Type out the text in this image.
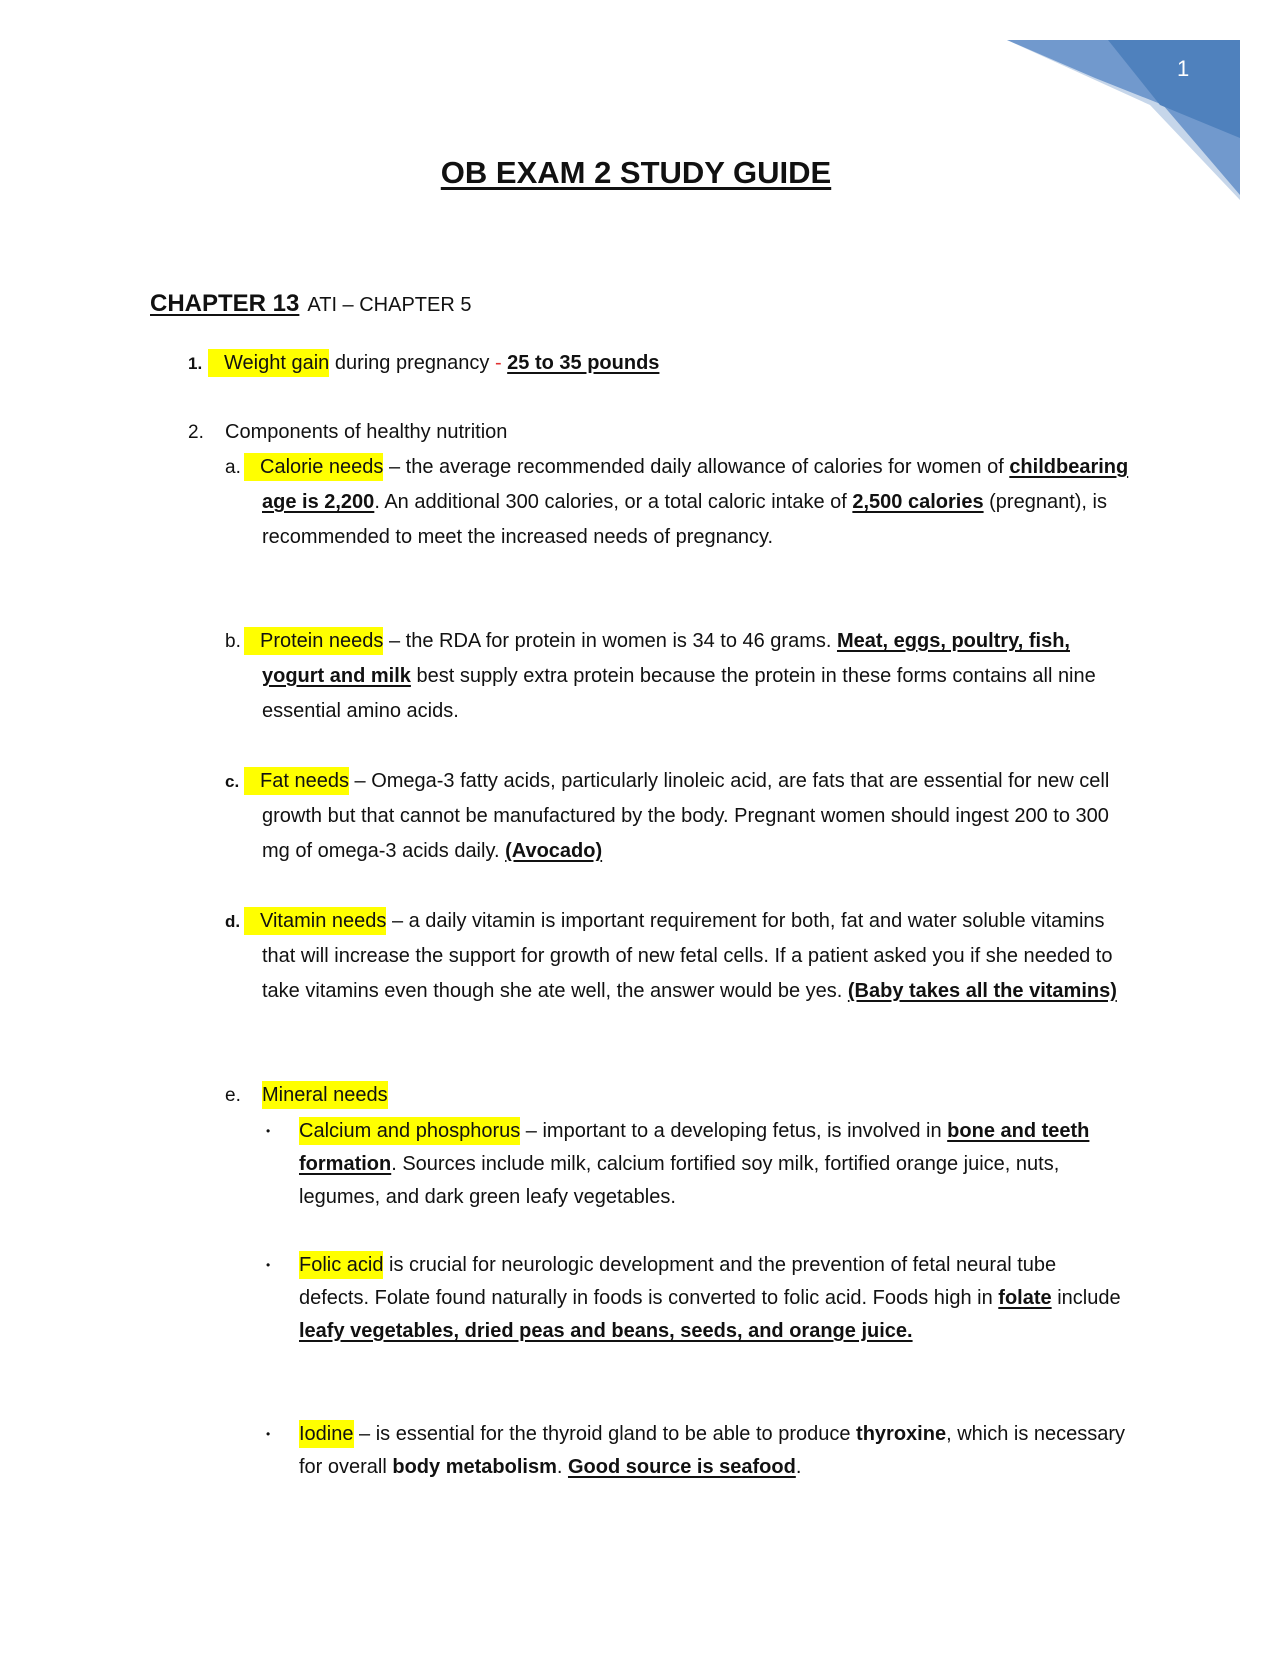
1
OB EXAM 2 STUDY GUIDE
CHAPTER 13 ATI – CHAPTER 5
1.	Weight gain during pregnancy - 25 to 35 pounds
2. Components of healthy nutrition
a. Calorie needs – the average recommended daily allowance of calories for women of childbearing age is 2,200. An additional 300 calories, or a total caloric intake of 2,500 calories (pregnant), is recommended to meet the increased needs of pregnancy.
b. Protein needs – the RDA for protein in women is 34 to 46 grams. Meat, eggs, poultry, fish, yogurt and milk best supply extra protein because the protein in these forms contains all nine essential amino acids.
c. Fat needs – Omega-3 fatty acids, particularly linoleic acid, are fats that are essential for new cell growth but that cannot be manufactured by the body. Pregnant women should ingest 200 to 300 mg of omega-3 acids daily. (Avocado)
d. Vitamin needs – a daily vitamin is important requirement for both, fat and water soluble vitamins that will increase the support for growth of new fetal cells. If a patient asked you if she needed to take vitamins even though she ate well, the answer would be yes. (Baby takes all the vitamins)
e. Mineral needs
• Calcium and phosphorus – important to a developing fetus, is involved in bone and teeth formation. Sources include milk, calcium fortified soy milk, fortified orange juice, nuts, legumes, and dark green leafy vegetables.
• Folic acid is crucial for neurologic development and the prevention of fetal neural tube defects. Folate found naturally in foods is converted to folic acid. Foods high in folate include leafy vegetables, dried peas and beans, seeds, and orange juice.
• Iodine – is essential for the thyroid gland to be able to produce thyroxine, which is necessary for overall body metabolism. Good source is seafood.
